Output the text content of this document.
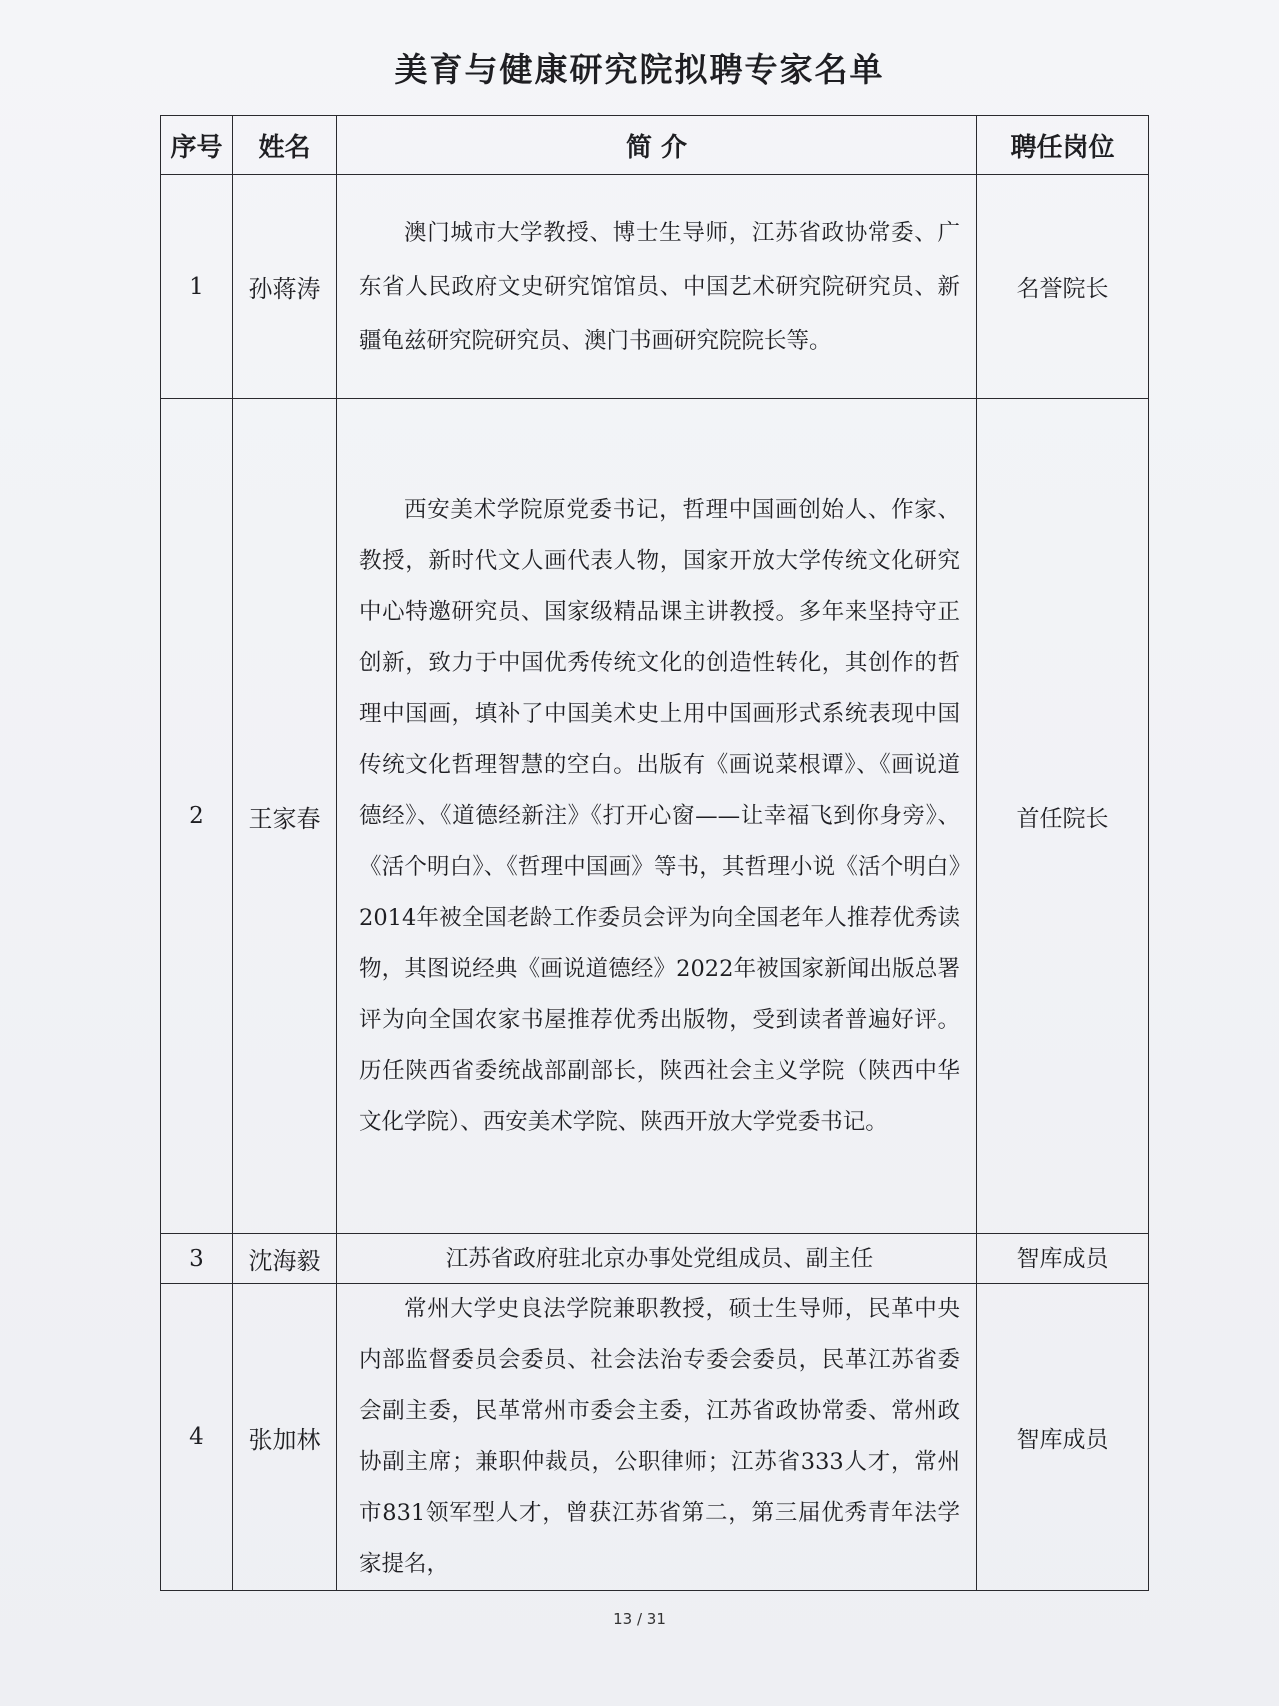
美育与健康研究院拟聘专家名单
序号	姓名	简 介	聘任岗位
1	孙蒋涛	澳门城市大学教授、博士生导师，江苏省政协常委、广东省人民政府文史研究馆馆员、中国艺术研究院研究员、新疆龟兹研究院研究员、澳门书画研究院院长等。	名誉院长
2	王家春	西安美术学院原党委书记，哲理中国画创始人、作家、教授，新时代文人画代表人物，国家开放大学传统文化研究中心特邀研究员、国家级精品课主讲教授。多年来坚持守正创新，致力于中国优秀传统文化的创造性转化，其创作的哲理中国画，填补了中国美术史上用中国画形式系统表现中国传统文化哲理智慧的空白。出版有《画说菜根谭》、《画说道德经》、《道德经新注》《打开心窗——让幸福飞到你身旁》、《活个明白》、《哲理中国画》等书，其哲理小说《活个明白》2014年被全国老龄工作委员会评为向全国老年人推荐优秀读物，其图说经典《画说道德经》2022年被国家新闻出版总署评为向全国农家书屋推荐优秀出版物，受到读者普遍好评。历任陕西省委统战部副部长，陕西社会主义学院（陕西中华文化学院）、西安美术学院、陕西开放大学党委书记。	首任院长
3	沈海毅	江苏省政府驻北京办事处党组成员、副主任	智库成员
4	张加林	常州大学史良法学院兼职教授，硕士生导师，民革中央内部监督委员会委员、社会法治专委会委员，民革江苏省委会副主委，民革常州市委会主委，江苏省政协常委、常州政协副主席；兼职仲裁员，公职律师；江苏省333人才，常州市831领军型人才，曾获江苏省第二，第三届优秀青年法学家提名，	智库成员
13 / 31
